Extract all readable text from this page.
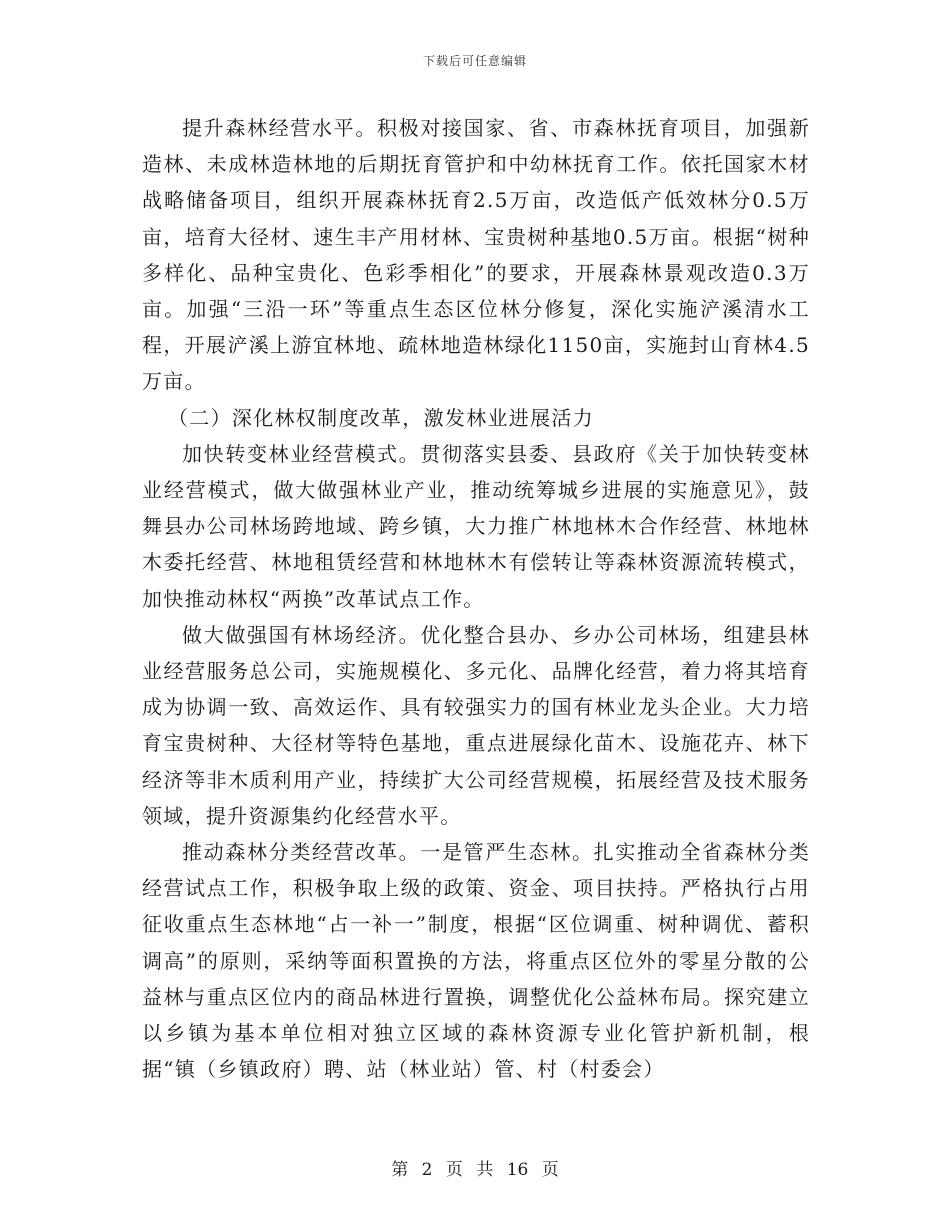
下载后可任意编辑

提升森林经营水平。积极对接国家、省、市森林抚育项目，加强新造林、未成林造林地的后期抚育管护和中幼林抚育工作。依托国家木材战略储备项目，组织开展森林抚育2.5万亩，改造低产低效林分0.5万亩，培育大径材、速生丰产用材林、宝贵树种基地0.5万亩。根据“树种多样化、品种宝贵化、色彩季相化”的要求，开展森林景观改造0.3万亩。加强“三沿一环”等重点生态区位林分修复，深化实施浐溪清水工程，开展浐溪上游宜林地、疏林地造林绿化1150亩，实施封山育林4.5万亩。

（二）深化林权制度改革，激发林业进展活力

加快转变林业经营模式。贯彻落实县委、县政府《关于加快转变林业经营模式，做大做强林业产业，推动统筹城乡进展的实施意见》，鼓舞县办公司林场跨地域、跨乡镇，大力推广林地林木合作经营、林地林木委托经营、林地租赁经营和林地林木有偿转让等森林资源流转模式，加快推动林权“两换”改革试点工作。

做大做强国有林场经济。优化整合县办、乡办公司林场，组建县林业经营服务总公司，实施规模化、多元化、品牌化经营，着力将其培育成为协调一致、高效运作、具有较强实力的国有林业龙头企业。大力培育宝贵树种、大径材等特色基地，重点进展绿化苗木、设施花卉、林下经济等非木质利用产业，持续扩大公司经营规模，拓展经营及技术服务领域，提升资源集约化经营水平。

推动森林分类经营改革。一是管严生态林。扎实推动全省森林分类经营试点工作，积极争取上级的政策、资金、项目扶持。严格执行占用征收重点生态林地“占一补一”制度，根据“区位调重、树种调优、蓄积调高”的原则，采纳等面积置换的方法，将重点区位外的零星分散的公益林与重点区位内的商品林进行置换，调整优化公益林布局。探究建立以乡镇为基本单位相对独立区域的森林资源专业化管护新机制，根据“镇（乡镇政府）聘、站（林业站）管、村（村委会）

第 2 页 共 16 页
